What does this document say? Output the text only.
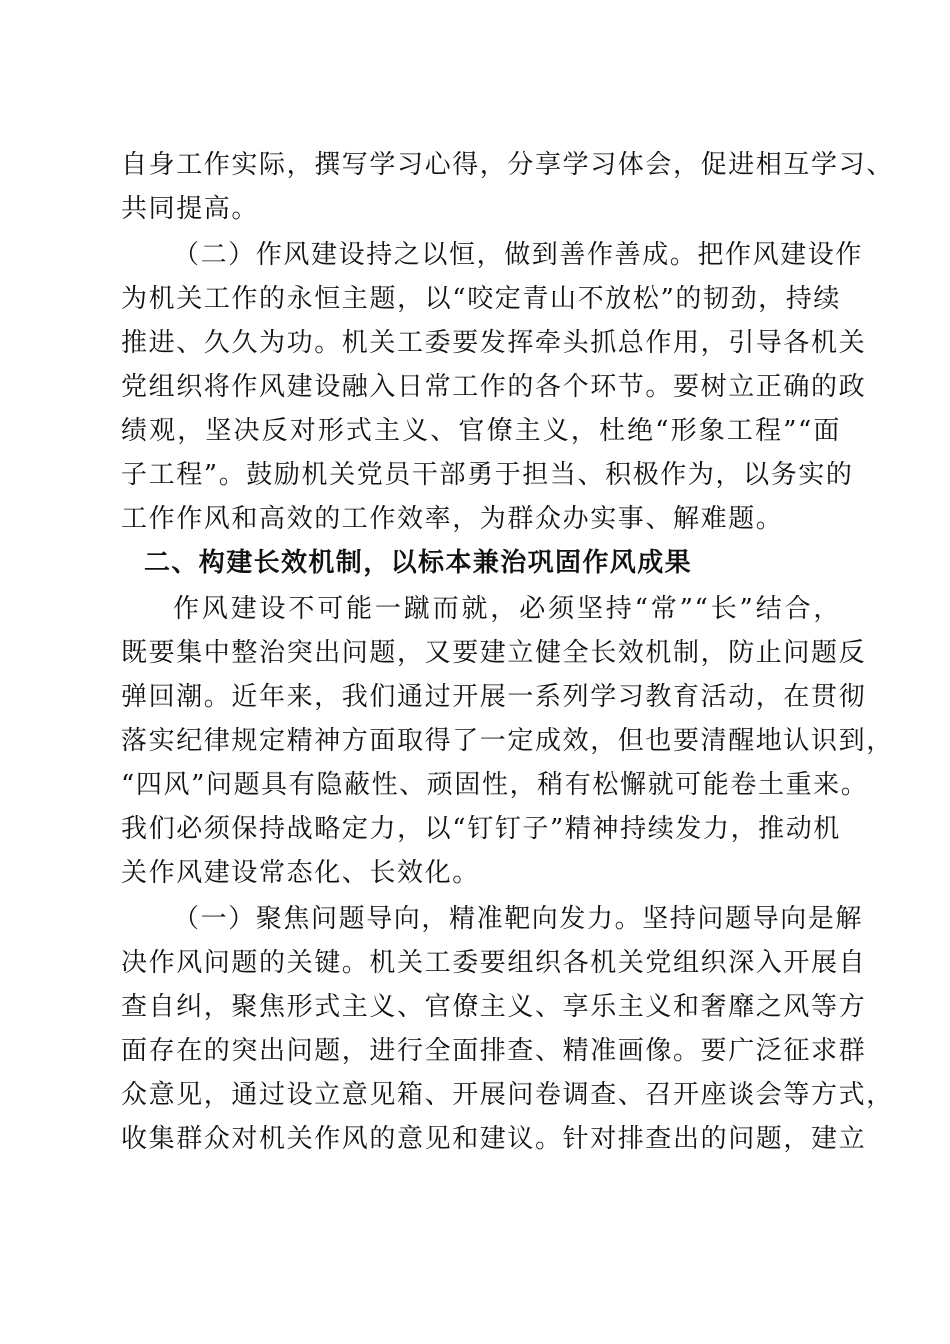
自身工作实际，撰写学习心得，分享学习体会，促进相互学习、
共同提高。
（二）作风建设持之以恒，做到善作善成。把作风建设作
为机关工作的永恒主题，以“咬定青山不放松”的韧劲，持续
推进、久久为功。机关工委要发挥牵头抓总作用，引导各机关
党组织将作风建设融入日常工作的各个环节。要树立正确的政
绩观，坚决反对形式主义、官僚主义，杜绝“形象工程”“面
子工程”。鼓励机关党员干部勇于担当、积极作为，以务实的
工作作风和高效的工作效率，为群众办实事、解难题。
二、构建长效机制，以标本兼治巩固作风成果
作风建设不可能一蹴而就，必须坚持“常”“长”结合，
既要集中整治突出问题，又要建立健全长效机制，防止问题反
弹回潮。近年来，我们通过开展一系列学习教育活动，在贯彻
落实纪律规定精神方面取得了一定成效，但也要清醒地认识到，
“四风”问题具有隐蔽性、顽固性，稍有松懈就可能卷土重来。
我们必须保持战略定力，以“钉钉子”精神持续发力，推动机
关作风建设常态化、长效化。
（一）聚焦问题导向，精准靶向发力。坚持问题导向是解
决作风问题的关键。机关工委要组织各机关党组织深入开展自
查自纠，聚焦形式主义、官僚主义、享乐主义和奢靡之风等方
面存在的突出问题，进行全面排查、精准画像。要广泛征求群
众意见，通过设立意见箱、开展问卷调查、召开座谈会等方式，
收集群众对机关作风的意见和建议。针对排查出的问题，建立
